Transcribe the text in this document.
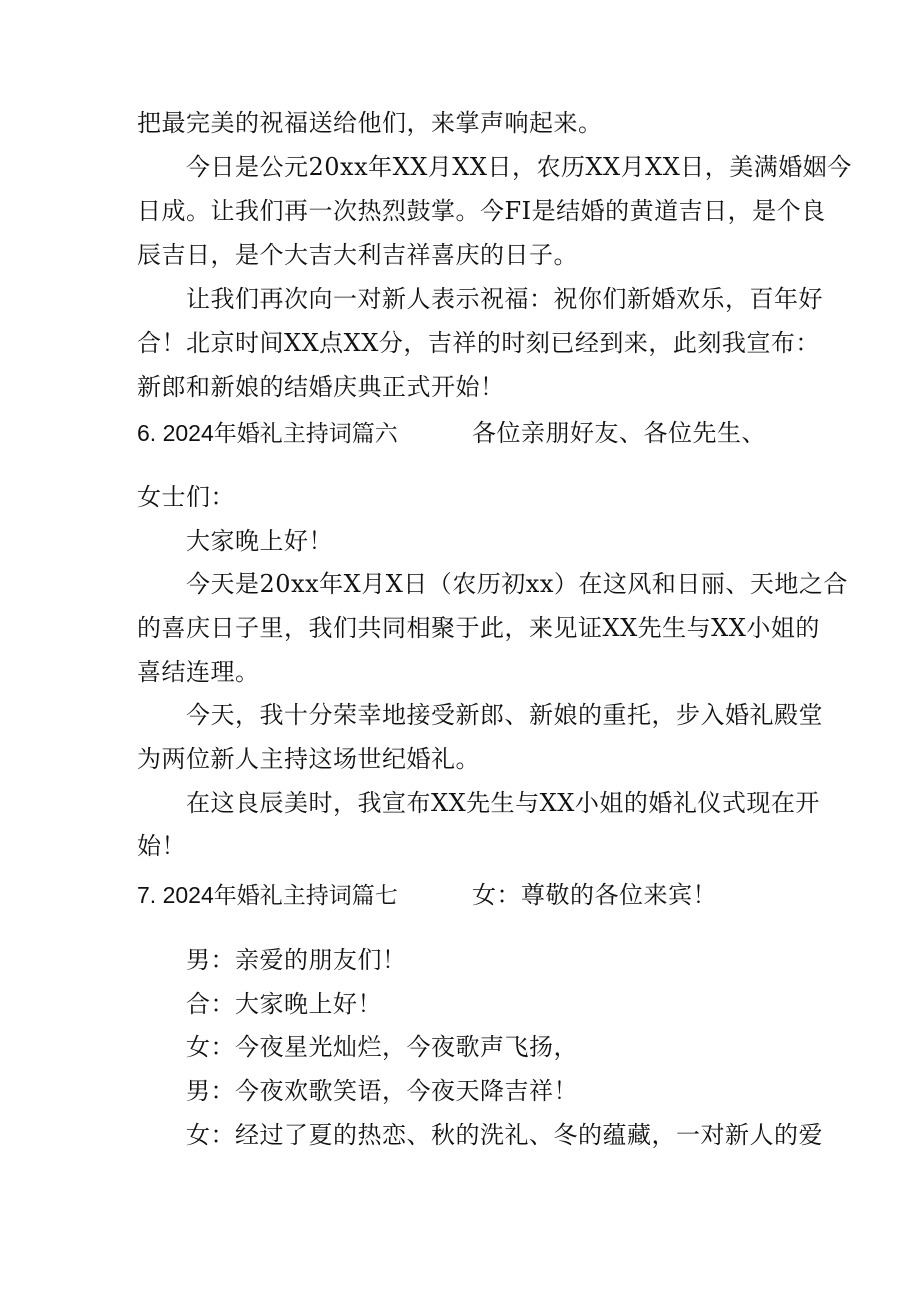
把最完美的祝福送给他们，来掌声响起来。
今日是公元20xx年XX月XX日，农历XX月XX日，美满婚姻今
日成。让我们再一次热烈鼓掌。今FI是结婚的黄道吉日，是个良
辰吉日，是个大吉大利吉祥喜庆的日子。
让我们再次向一对新人表示祝福：祝你们新婚欢乐，百年好
合！北京时间XX点XX分，吉祥的时刻已经到来，此刻我宣布：
新郎和新娘的结婚庆典正式开始！
6. 2024年婚礼主持词篇六	各位亲朋好友、各位先生、
女士们：
大家晚上好！
今天是20xx年X月X日（农历初xx）在这风和日丽、天地之合
的喜庆日子里，我们共同相聚于此，来见证XX先生与XX小姐的
喜结连理。
今天，我十分荣幸地接受新郎、新娘的重托，步入婚礼殿堂
为两位新人主持这场世纪婚礼。
在这良辰美时，我宣布XX先生与XX小姐的婚礼仪式现在开
始！
7. 2024年婚礼主持词篇七	女：尊敬的各位来宾！
男：亲爱的朋友们！
合：大家晚上好！
女：今夜星光灿烂，今夜歌声飞扬，
男：今夜欢歌笑语，今夜天降吉祥！
女：经过了夏的热恋、秋的洗礼、冬的蕴藏，一对新人的爱
